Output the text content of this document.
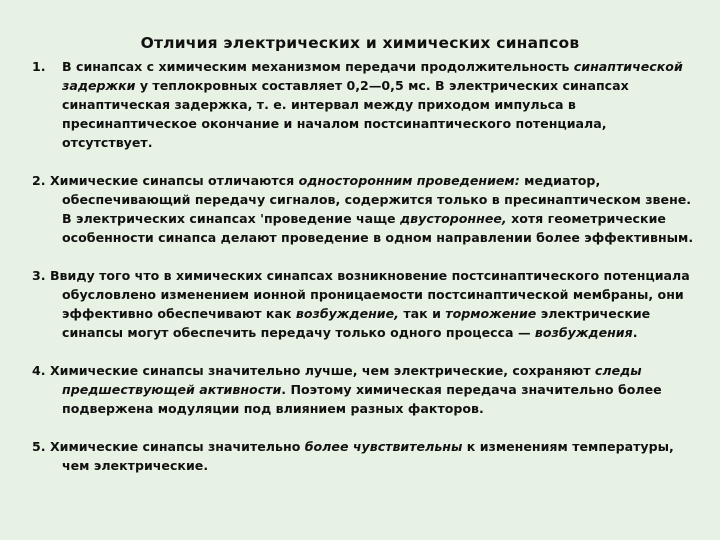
Отличия электрических и химических синапсов
1.	В синапсах с химическим механизмом передачи продолжительность синаптической задержки у теплокровных составляет 0,2—0,5 мс. В электрических синапсах синаптическая задержка, т. е. интервал между приходом импульса в пресинаптическое окончание и началом постсинаптического потенциала, отсутствует.
2. Химические синапсы отличаются односторонним проведением: медиатор, обеспечивающий передачу сигналов, содержится только в пресинаптическом звене. В электрических синапсах 'проведение чаще двустороннее, хотя геометрические особенности синапса делают проведение в одном направлении более эффективным.
3. Ввиду того что в химических синапсах возникновение постсинаптического потенциала обусловлено изменением ионной проницаемости постсинаптической мембраны, они эффективно обеспечивают как возбуждение, так и торможение электрические синапсы могут обеспечить передачу только одного процесса — возбуждения.
4. Химические синапсы значительно лучше, чем электрические, сохраняют следы предшествующей активности. Поэтому химическая передача значительно более подвержена модуляции под влиянием разных факторов.
5. Химические синапсы значительно более чувствительны к изменениям температуры, чем электрические.
